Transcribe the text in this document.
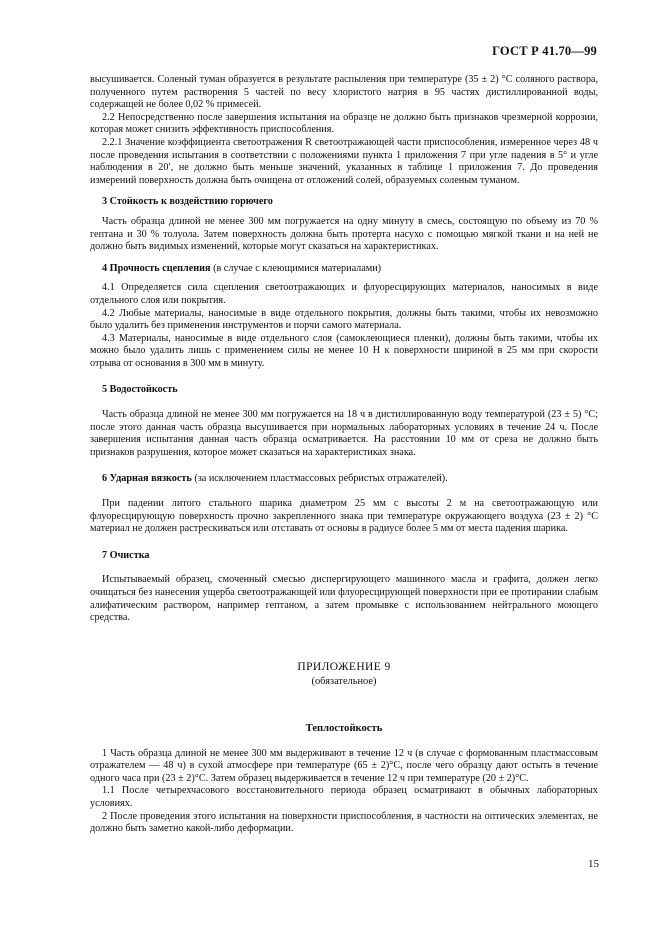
ГОСТ Р 41.70—99

высушивается. Соленый туман образуется в результате распыления при температуре (35 ± 2) °С соляного раствора, полученного путем растворения 5 частей по весу хлористого натрия в 95 частях дистиллированной воды, содержащей не более 0,02 % примесей.

2.2 Непосредственно после завершения испытания на образце не должно быть признаков чрезмерной коррозии, которая может снизить эффективность приспособления.

2.2.1 Значение коэффициента светоотражения R светоотражающей части приспособления, измеренное через 48 ч после проведения испытания в соответствии с положениями пункта 1 приложения 7 при угле падения в 5° и угле наблюдения в 20′, не должно быть меньше значений, указанных в таблице 1 приложения 7. До проведения измерений поверхность должна быть очищена от отложений солей, образуемых соленым туманом.

3 Стойкость к воздействию горючего

Часть образца длиной не менее 300 мм погружается на одну минуту в смесь, состоящую по объему из 70 % гептана и 30 % толуола. Затем поверхность должна быть протерта насухо с помощью мягкой ткани и на ней не должно быть видимых изменений, которые могут сказаться на характеристиках.

4 Прочность сцепления (в случае с клеющимися материалами)

4.1 Определяется сила сцепления светоотражающих и флуоресцирующих материалов, наносимых в виде отдельного слоя или покрытия.

4.2 Любые материалы, наносимые в виде отдельного покрытия, должны быть такими, чтобы их невозможно было удалить без применения инструментов и порчи самого материала.

4.3 Материалы, наносимые в виде отдельного слоя (самоклеющиеся пленки), должны быть такими, чтобы их можно было удалить лишь с применением силы не менее 10 Н к поверхности шириной в 25 мм при скорости отрыва от основания в 300 мм в минуту.

5 Водостойкость

Часть образца длиной не менее 300 мм погружается на 18 ч в дистиллированную воду температурой (23 ± 5) °С; после этого данная часть образца высушивается при нормальных лабораторных условиях в течение 24 ч. После завершения испытания данная часть образца осматривается. На расстоянии 10 мм от среза не должно быть признаков разрушения, которое может сказаться на характеристиках знака.

6 Ударная вязкость (за исключением пластмассовых ребристых отражателей).

При падении литого стального шарика диаметром 25 мм с высоты 2 м на светоотражающую или флуоресцирующую поверхность прочно закрепленного знака при температуре окружающего воздуха (23 ± 2) °С материал не должен растрескиваться или отставать от основы в радиусе более 5 мм от места падения шарика.

7 Очистка

Испытываемый образец, смоченный смесью диспергирующего машинного масла и графита, должен легко очищаться без нанесения ущерба светоотражающей или флуоресцирующей поверхности при ее протирании слабым алифатическим раствором, например гептаном, а затем промывке с использованием нейтрального моющего средства.

ПРИЛОЖЕНИЕ 9

(обязательное)

Теплостойкость

1 Часть образца длиной не менее 300 мм выдерживают в течение 12 ч (в случае с формованным пластмассовым отражателем — 48 ч) в сухой атмосфере при температуре (65 ± 2)°С, после чего образцу дают остыть в течение одного часа при (23 ± 2)°С. Затем образец выдерживается в течение 12 ч при температуре (20 ± 2)°С.

1.1 После четырехчасового восстановительного периода образец осматривают в обычных лабораторных условиях.

2 После проведения этого испытания на поверхности приспособления, в частности на оптических элементах, не должно быть заметно какой-либо деформации.

15
